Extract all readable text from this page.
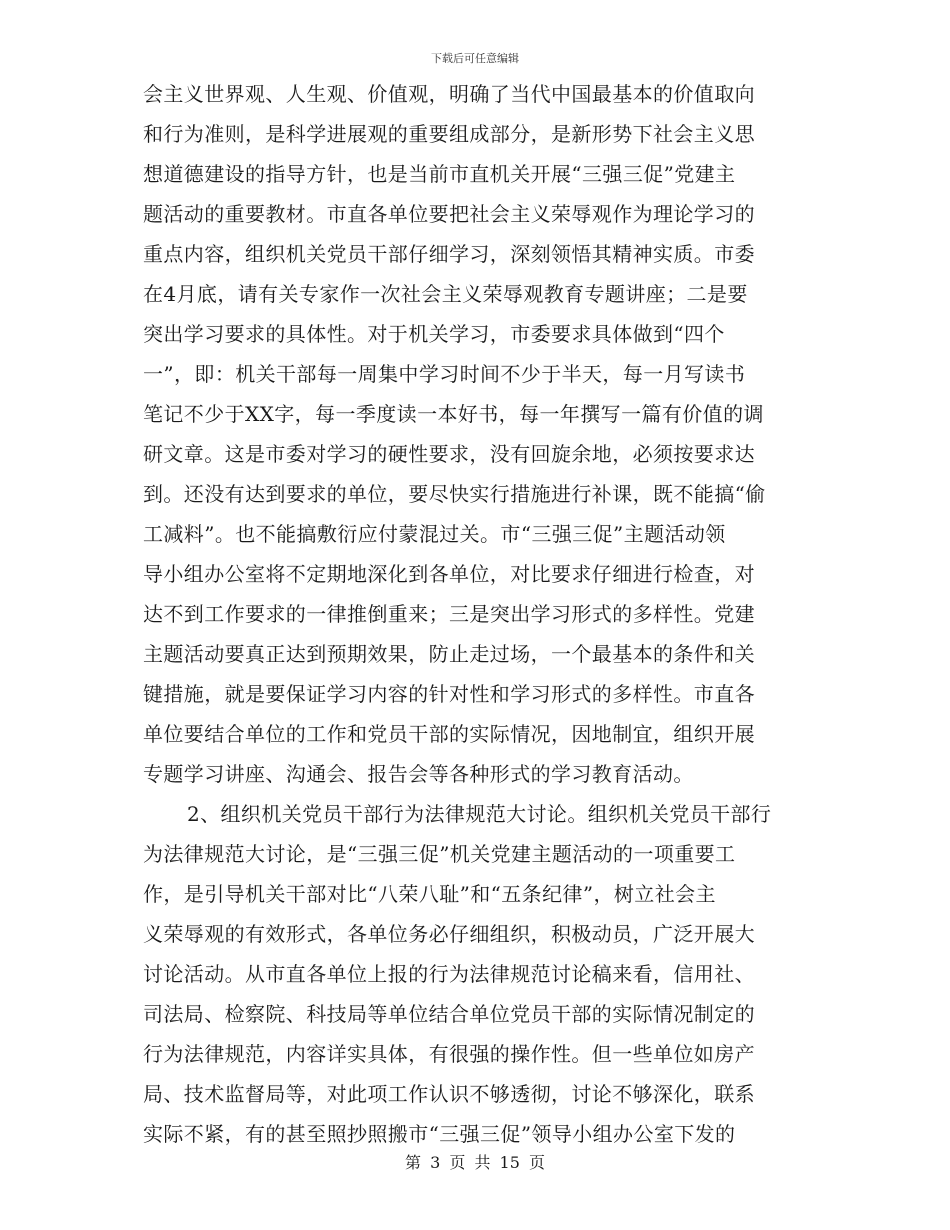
下载后可任意编辑
会主义世界观、人生观、价值观，明确了当代中国最基本的价值取向
和行为准则，是科学进展观的重要组成部分，是新形势下社会主义思
想道德建设的指导方针，也是当前市直机关开展“三强三促”党建主
题活动的重要教材。市直各单位要把社会主义荣辱观作为理论学习的
重点内容，组织机关党员干部仔细学习，深刻领悟其精神实质。市委
在4月底，请有关专家作一次社会主义荣辱观教育专题讲座；二是要
突出学习要求的具体性。对于机关学习，市委要求具体做到“四个
一”，即：机关干部每一周集中学习时间不少于半天，每一月写读书
笔记不少于XX字，每一季度读一本好书，每一年撰写一篇有价值的调
研文章。这是市委对学习的硬性要求，没有回旋余地，必须按要求达
到。还没有达到要求的单位，要尽快实行措施进行补课，既不能搞“偷
工减料”。也不能搞敷衍应付蒙混过关。市“三强三促”主题活动领
导小组办公室将不定期地深化到各单位，对比要求仔细进行检查，对
达不到工作要求的一律推倒重来；三是突出学习形式的多样性。党建
主题活动要真正达到预期效果，防止走过场，一个最基本的条件和关
键措施，就是要保证学习内容的针对性和学习形式的多样性。市直各
单位要结合单位的工作和党员干部的实际情况，因地制宜，组织开展
专题学习讲座、沟通会、报告会等各种形式的学习教育活动。
2、组织机关党员干部行为法律规范大讨论。组织机关党员干部行
为法律规范大讨论，是“三强三促”机关党建主题活动的一项重要工
作，是引导机关干部对比“八荣八耻”和“五条纪律”，树立社会主
义荣辱观的有效形式，各单位务必仔细组织，积极动员，广泛开展大
讨论活动。从市直各单位上报的行为法律规范讨论稿来看，信用社、
司法局、检察院、科技局等单位结合单位党员干部的实际情况制定的
行为法律规范，内容详实具体，有很强的操作性。但一些单位如房产
局、技术监督局等，对此项工作认识不够透彻，讨论不够深化，联系
实际不紧，有的甚至照抄照搬市“三强三促”领导小组办公室下发的
第 3 页 共 15 页
